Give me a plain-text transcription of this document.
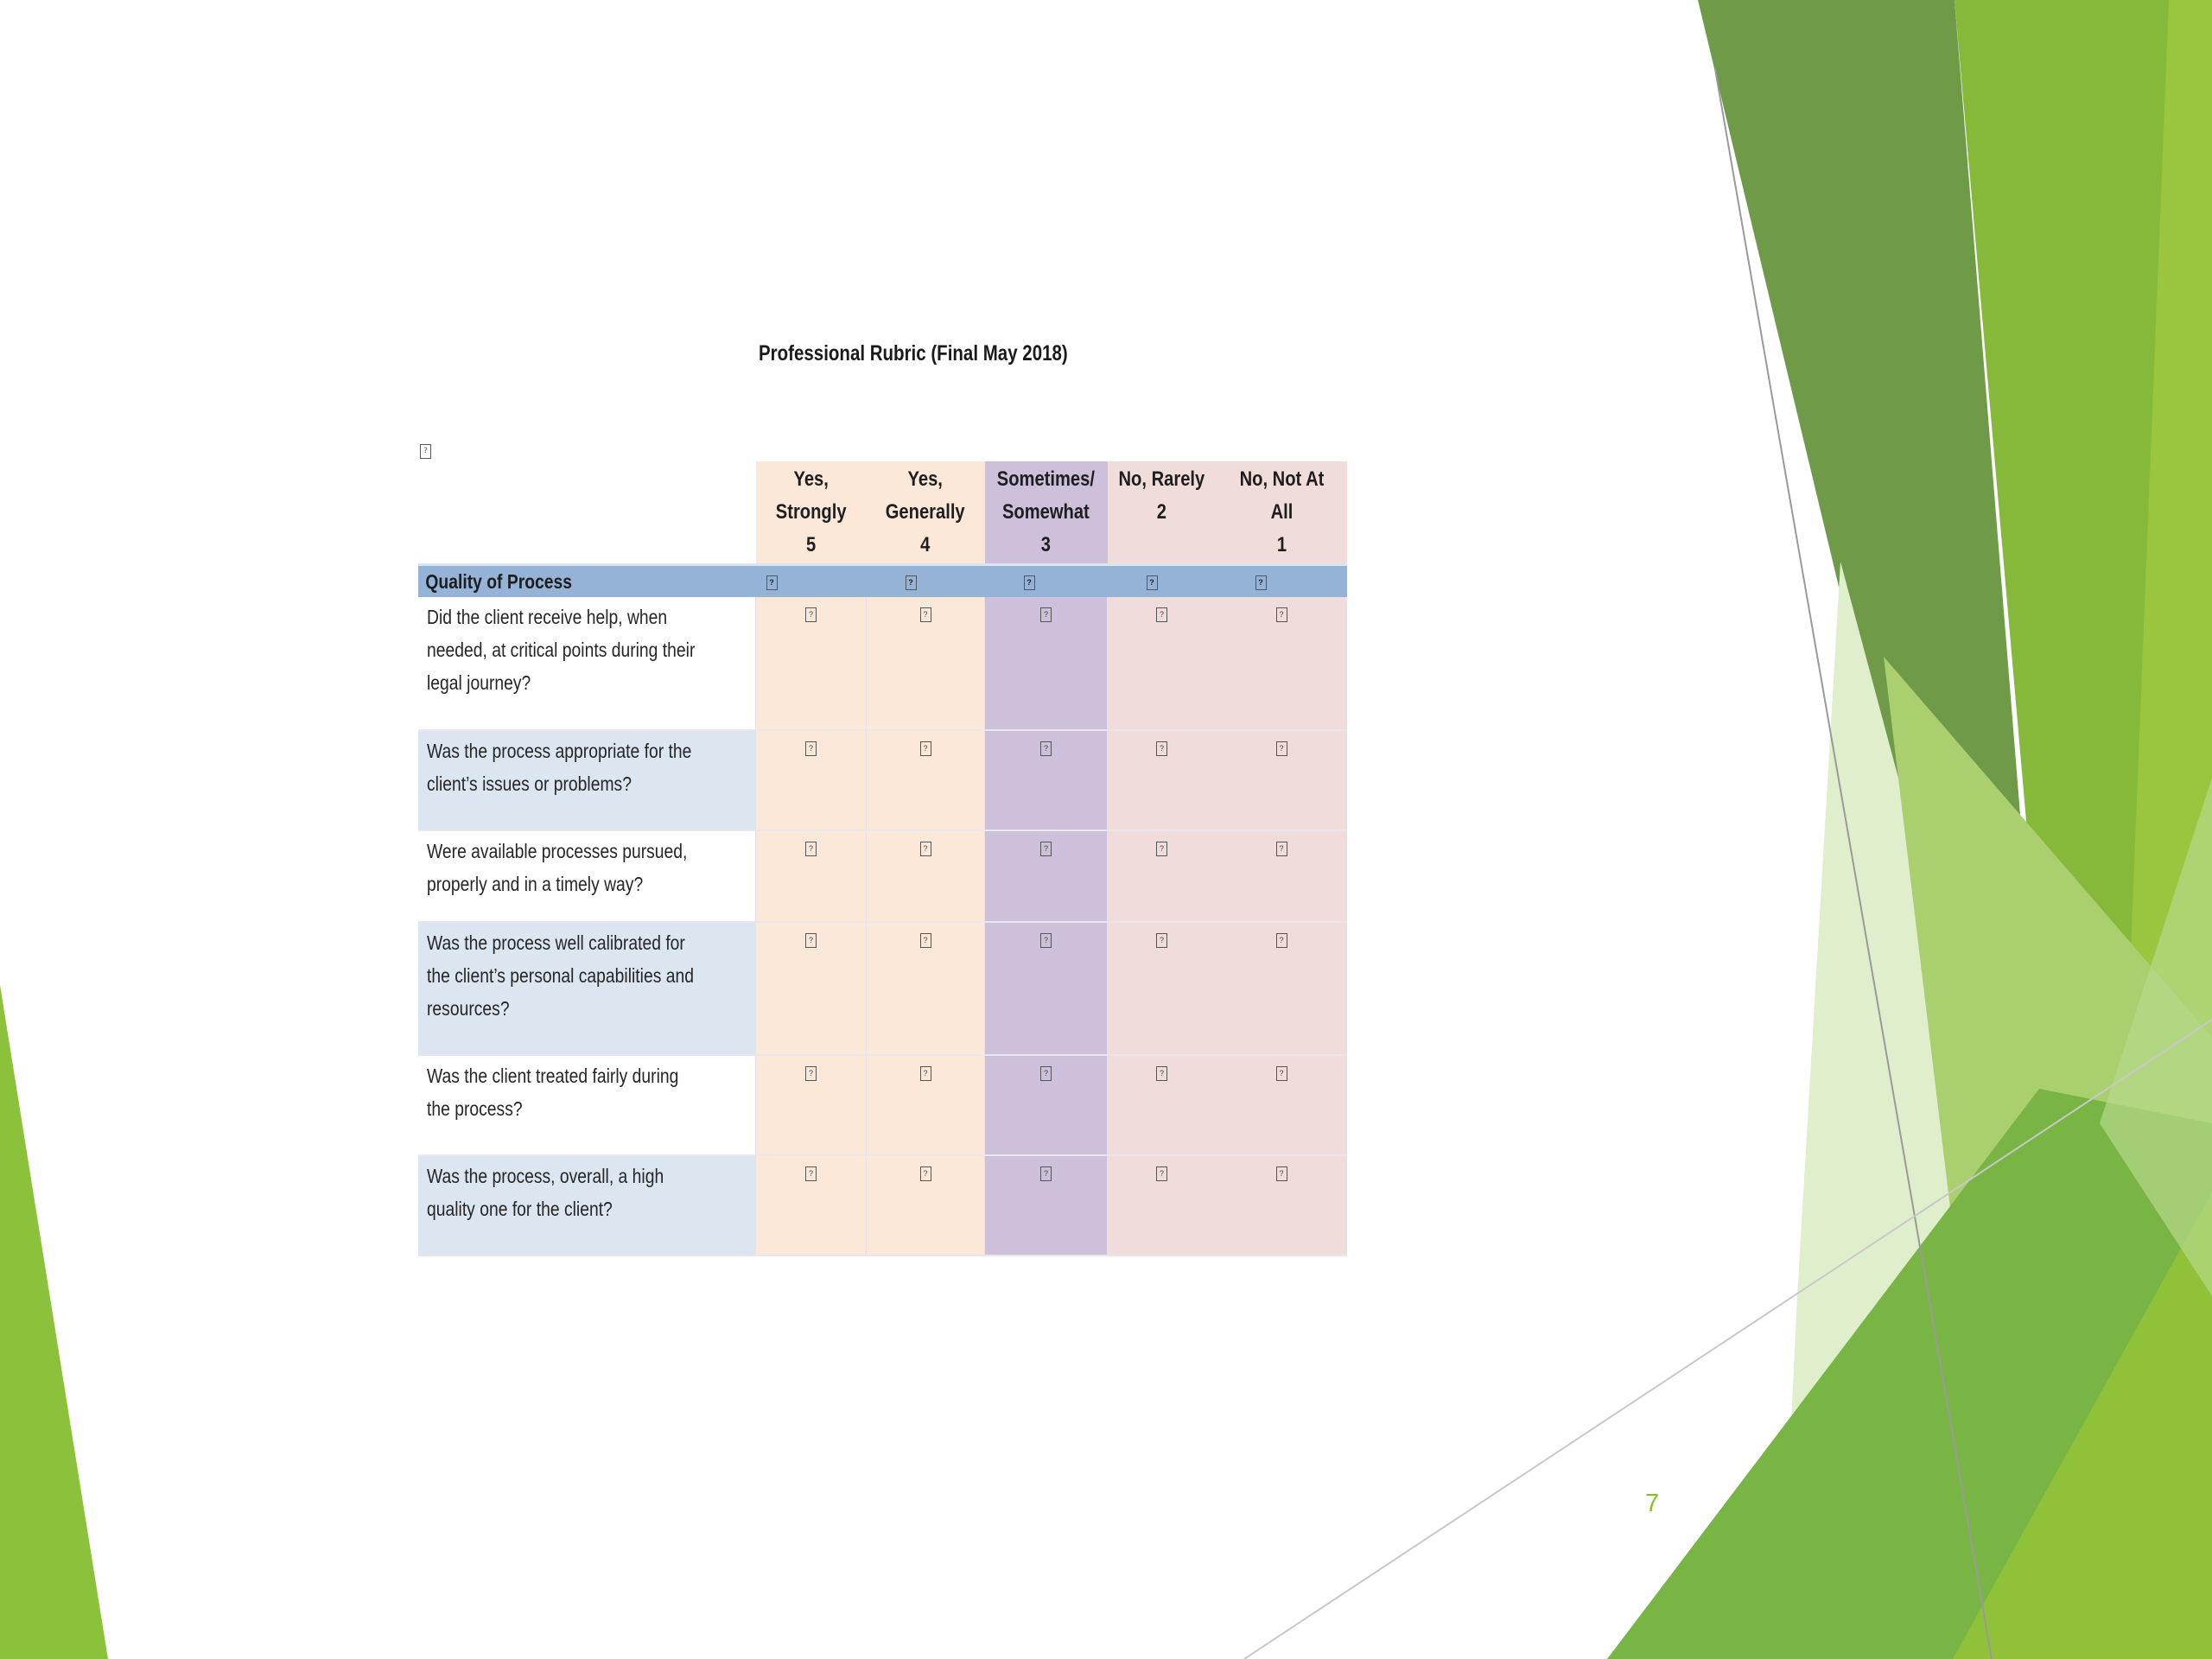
Professional Rubric (Final May 2018)
?
	Yes,
Strongly
5	Yes,
Generally
4	Sometimes/
Somewhat
3	No, Rarely
2	No, Not At All
1
Quality of Process	?	?	?	?	?
Did the client receive help, when needed, at critical points during their legal journey?	?	?	?	?	?
Was the process appropriate for the client’s issues or problems?	?	?	?	?	?
Were available processes pursued, properly and in a timely way?	?	?	?	?	?
Was the process well calibrated for the client’s personal capabilities and resources?	?	?	?	?	?
Was the client treated fairly during the process?	?	?	?	?	?
Was the process, overall, a high quality one for the client?	?	?	?	?	?
7
